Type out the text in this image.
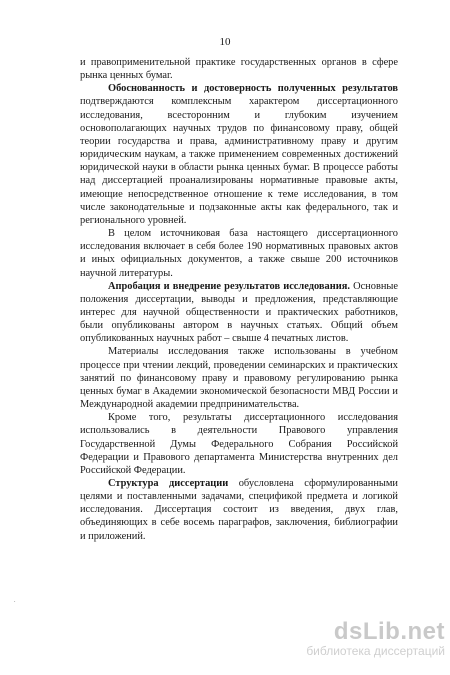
10

и правоприменительной практике государственных органов в сфере рынка ценных бумаг.

Обоснованность и достоверность полученных результатов подтверждаются комплексным характером диссертационного исследования, всесторонним и глубоким изучением основополагающих научных трудов по финансовому праву, общей теории государства и права, административному праву и другим юридическим наукам, а также применением современных достижений юридической науки в области рынка ценных бумаг. В процессе работы над диссертацией проанализированы нормативные правовые акты, имеющие непосредственное отношение к теме исследования, в том числе законодательные и подзаконные акты как федерального, так и регионального уровней.

В целом источниковая база настоящего диссертационного исследования включает в себя более 190 нормативных правовых актов и иных официальных документов, а также свыше 200 источников научной литературы.

Апробация и внедрение результатов исследования. Основные положения диссертации, выводы и предложения, представляющие интерес для научной общественности и практических работников, были опубликованы автором в научных статьях. Общий объем опубликованных научных работ – свыше 4 печатных листов.

Материалы исследования также использованы в учебном процессе при чтении лекций, проведении семинарских и практических занятий по финансовому праву и правовому регулированию рынка ценных бумаг в Академии экономической безопасности МВД России и Международной академии предпринимательства.

Кроме того, результаты диссертационного исследования использовались в деятельности Правового управления Государственной Думы Федерального Собрания Российской Федерации и Правового департамента Министерства внутренних дел Российской Федерации.

Структура диссертации обусловлена сформулированными целями и поставленными задачами, спецификой предмета и логикой исследования. Диссертация состоит из введения, двух глав, объединяющих в себе восемь параграфов, заключения, библиографии и приложений.

.
dsLib.net
библиотека диссертаций
